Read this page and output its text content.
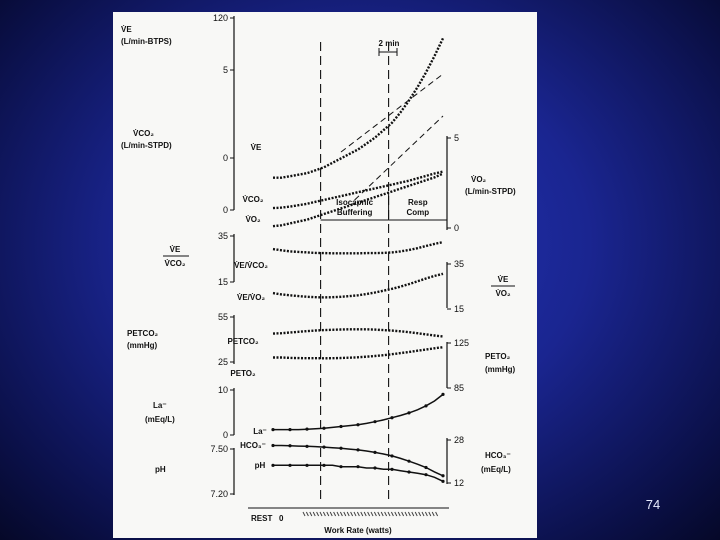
120
5
0
0
35
15
55
25
10
0
7.50
7.20
5
0
35
15
125
85
28
12
V̇E
(L/min-BTPS)
V̇CO₂
(L/min-STPD)
V̇E
V̇CO₂
PETCO₂
(mmHg)
La⁻
(mEq/L)
pH
V̇O₂
(L/min-STPD)
V̇E
V̇O₂
PETO₂
(mmHg)
HCO₃⁻
(mEq/L)
Isocapnic
Buffering
Resp
Comp
2 min
V̇E
V̇CO₂
V̇O₂
V̇E/V̇CO₂
V̇E/V̇O₂
PETCO₂
PETO₂
La⁻
HCO₃⁻
pH
REST 0
Work Rate (watts)
74
